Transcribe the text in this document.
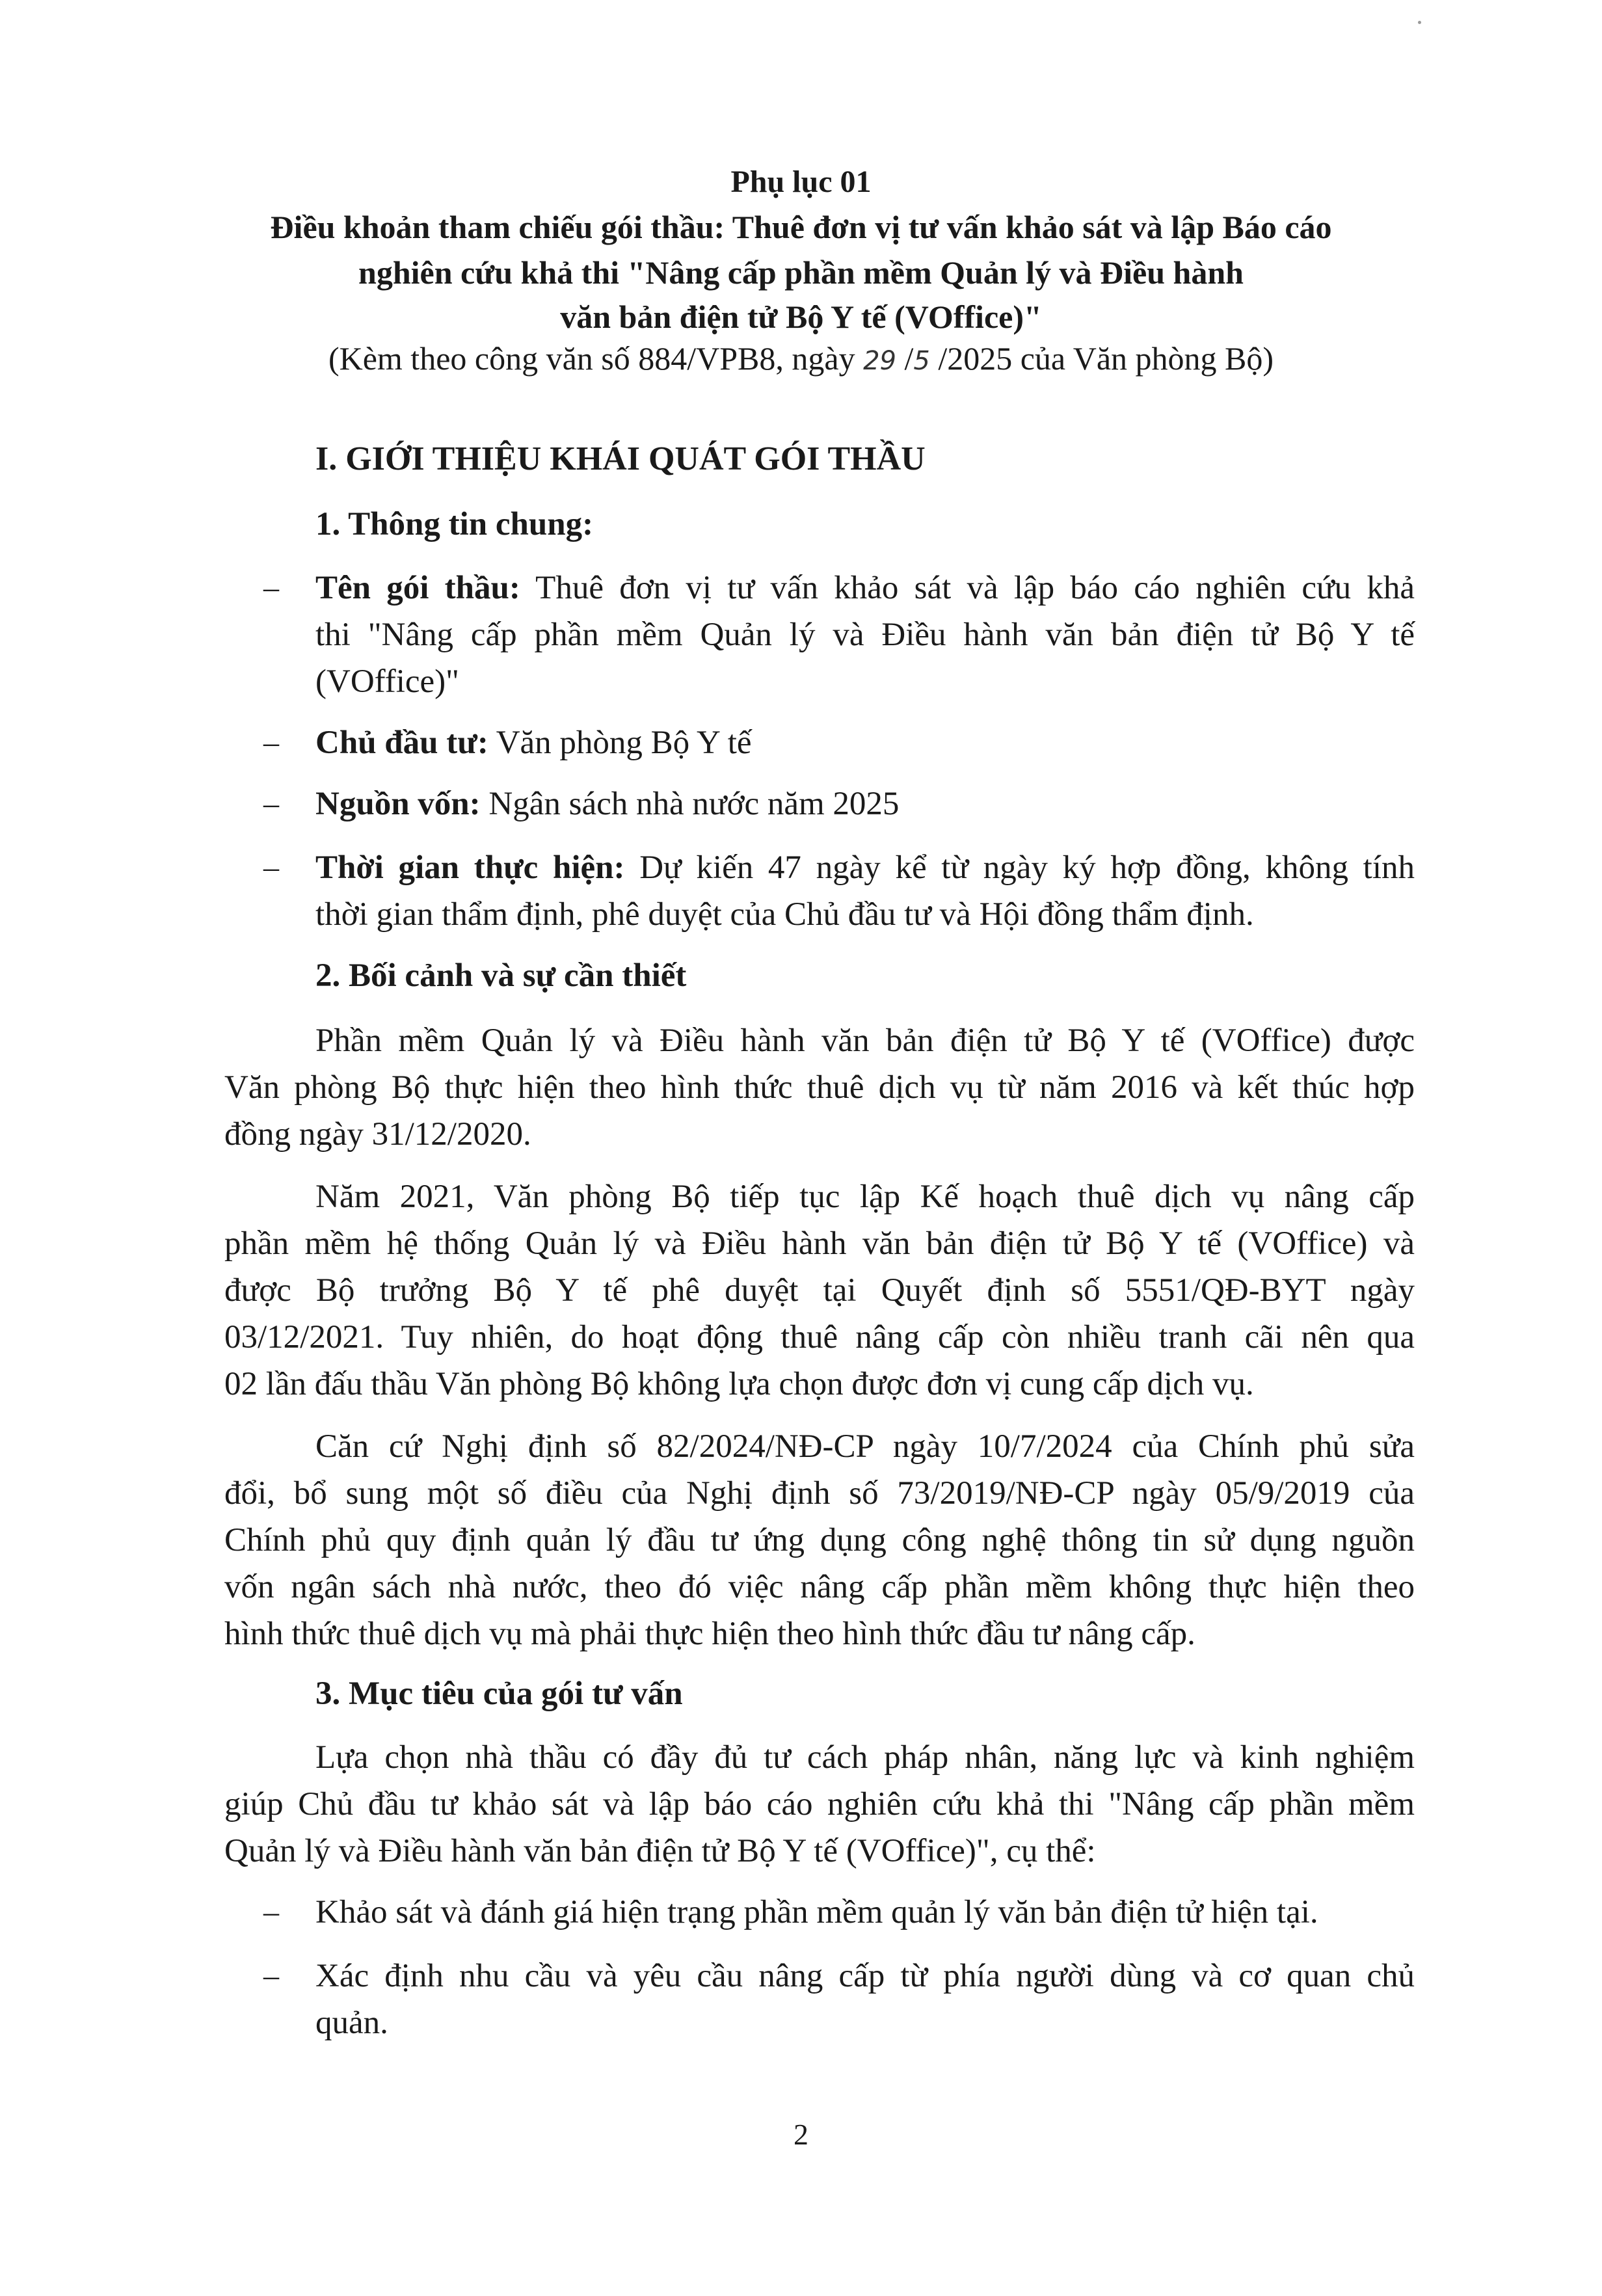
Phụ lục 01
Điều khoản tham chiếu gói thầu: Thuê đơn vị tư vấn khảo sát và lập Báo cáo
nghiên cứu khả thi "Nâng cấp phần mềm Quản lý và Điều hành
văn bản điện tử Bộ Y tế (VOffice)"
(Kèm theo công văn số 884/VPB8, ngày 29 /5 /2025 của Văn phòng Bộ)
I. GIỚI THIỆU KHÁI QUÁT GÓI THẦU
1. Thông tin chung:
– Tên gói thầu: Thuê đơn vị tư vấn khảo sát và lập báo cáo nghiên cứu khả
thi "Nâng cấp phần mềm Quản lý và Điều hành văn bản điện tử Bộ Y tế
(VOffice)"
– Chủ đầu tư: Văn phòng Bộ Y tế
– Nguồn vốn: Ngân sách nhà nước năm 2025
– Thời gian thực hiện: Dự kiến 47 ngày kể từ ngày ký hợp đồng, không tính
thời gian thẩm định, phê duyệt của Chủ đầu tư và Hội đồng thẩm định.
2. Bối cảnh và sự cần thiết
Phần mềm Quản lý và Điều hành văn bản điện tử Bộ Y tế (VOffice) được
Văn phòng Bộ thực hiện theo hình thức thuê dịch vụ từ năm 2016 và kết thúc hợp
đồng ngày 31/12/2020.
Năm 2021, Văn phòng Bộ tiếp tục lập Kế hoạch thuê dịch vụ nâng cấp
phần mềm hệ thống Quản lý và Điều hành văn bản điện tử Bộ Y tế (VOffice) và
được Bộ trưởng Bộ Y tế phê duyệt tại Quyết định số 5551/QĐ-BYT ngày
03/12/2021. Tuy nhiên, do hoạt động thuê nâng cấp còn nhiều tranh cãi nên qua
02 lần đấu thầu Văn phòng Bộ không lựa chọn được đơn vị cung cấp dịch vụ.
Căn cứ Nghị định số 82/2024/NĐ-CP ngày 10/7/2024 của Chính phủ sửa
đổi, bổ sung một số điều của Nghị định số 73/2019/NĐ-CP ngày 05/9/2019 của
Chính phủ quy định quản lý đầu tư ứng dụng công nghệ thông tin sử dụng nguồn
vốn ngân sách nhà nước, theo đó việc nâng cấp phần mềm không thực hiện theo
hình thức thuê dịch vụ mà phải thực hiện theo hình thức đầu tư nâng cấp.
3. Mục tiêu của gói tư vấn
Lựa chọn nhà thầu có đầy đủ tư cách pháp nhân, năng lực và kinh nghiệm
giúp Chủ đầu tư khảo sát và lập báo cáo nghiên cứu khả thi "Nâng cấp phần mềm
Quản lý và Điều hành văn bản điện tử Bộ Y tế (VOffice)", cụ thể:
– Khảo sát và đánh giá hiện trạng phần mềm quản lý văn bản điện tử hiện tại.
– Xác định nhu cầu và yêu cầu nâng cấp từ phía người dùng và cơ quan chủ
quản.
2
